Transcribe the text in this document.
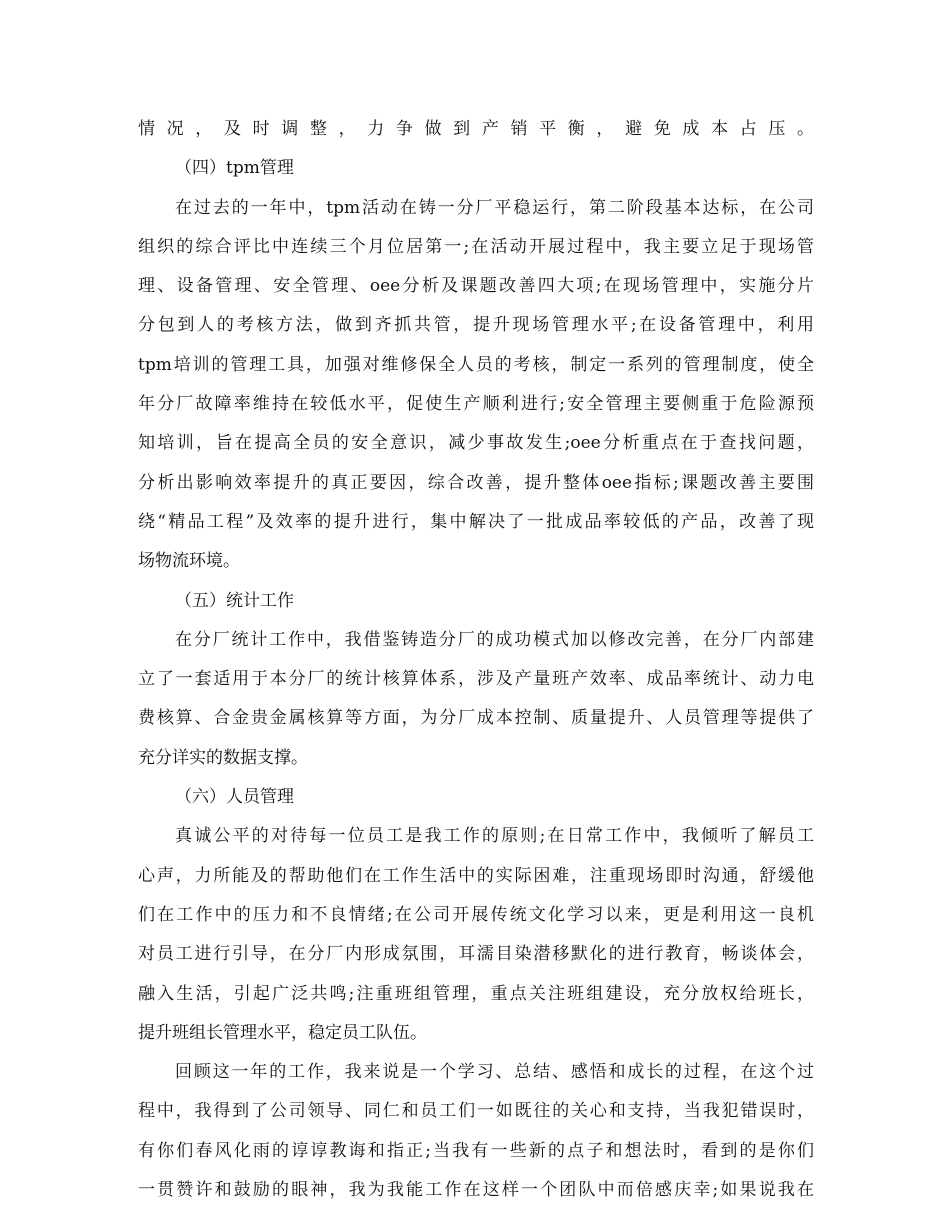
情况，及时调整，力争做到产销平衡，避免成本占压。
（四）tpm管理
在过去的一年中，tpm活动在铸一分厂平稳运行，第二阶段基本达标，在公司
组织的综合评比中连续三个月位居第一;在活动开展过程中，我主要立足于现场管
理、设备管理、安全管理、oee分析及课题改善四大项;在现场管理中，实施分片
分包到人的考核方法，做到齐抓共管，提升现场管理水平;在设备管理中，利用
tpm培训的管理工具，加强对维修保全人员的考核，制定一系列的管理制度，使全
年分厂故障率维持在较低水平，促使生产顺利进行;安全管理主要侧重于危险源预
知培训，旨在提高全员的安全意识，减少事故发生;oee分析重点在于查找问题，
分析出影响效率提升的真正要因，综合改善，提升整体oee指标;课题改善主要围
绕“精品工程”及效率的提升进行，集中解决了一批成品率较低的产品，改善了现
场物流环境。
（五）统计工作
在分厂统计工作中，我借鉴铸造分厂的成功模式加以修改完善，在分厂内部建
立了一套适用于本分厂的统计核算体系，涉及产量班产效率、成品率统计、动力电
费核算、合金贵金属核算等方面，为分厂成本控制、质量提升、人员管理等提供了
充分详实的数据支撑。
（六）人员管理
真诚公平的对待每一位员工是我工作的原则;在日常工作中，我倾听了解员工
心声，力所能及的帮助他们在工作生活中的实际困难，注重现场即时沟通，舒缓他
们在工作中的压力和不良情绪;在公司开展传统文化学习以来，更是利用这一良机
对员工进行引导，在分厂内形成氛围，耳濡目染潜移默化的进行教育，畅谈体会，
融入生活，引起广泛共鸣;注重班组管理，重点关注班组建设，充分放权给班长，
提升班组长管理水平，稳定员工队伍。
回顾这一年的工作，我来说是一个学习、总结、感悟和成长的过程，在这个过
程中，我得到了公司领导、同仁和员工们一如既往的关心和支持，当我犯错误时，
有你们春风化雨的谆谆教诲和指正;当我有一些新的点子和想法时，看到的是你们
一贯赞许和鼓励的眼神，我为我能工作在这样一个团队中而倍感庆幸;如果说我在
